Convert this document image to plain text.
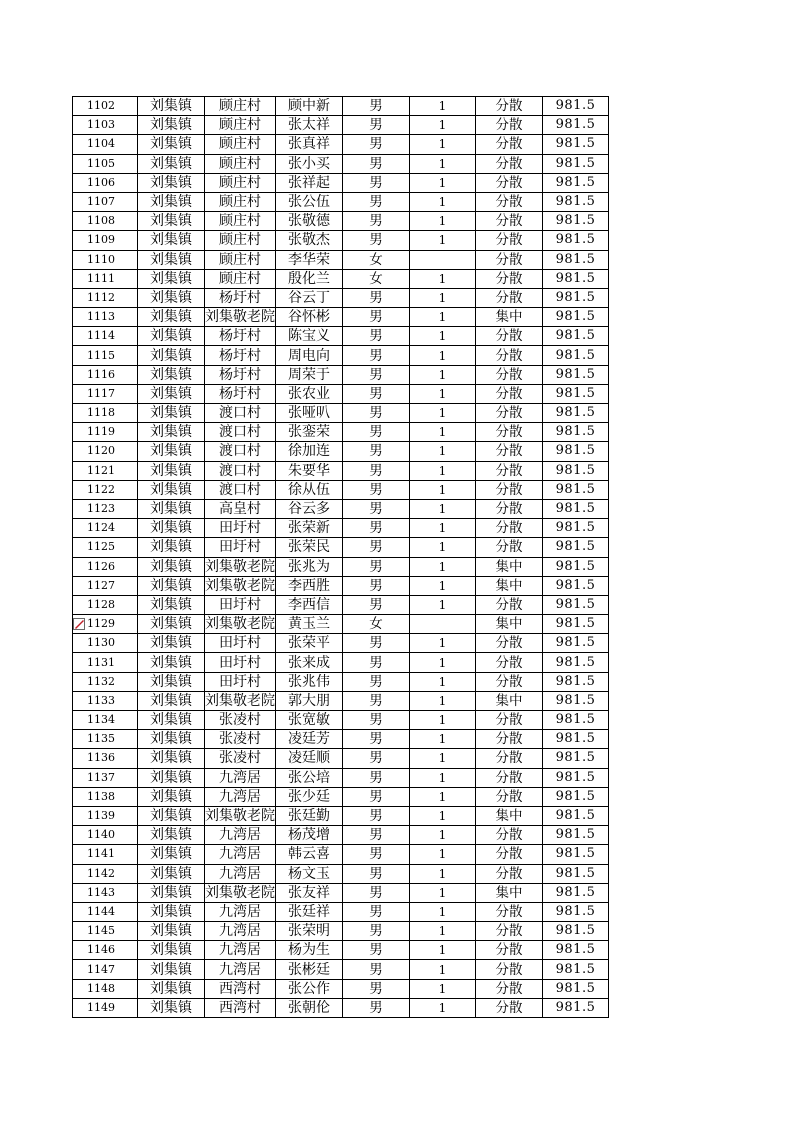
1102	刘集镇	顾庄村	顾中新	男	1	分散	981.5
1103	刘集镇	顾庄村	张太祥	男	1	分散	981.5
1104	刘集镇	顾庄村	张真祥	男	1	分散	981.5
1105	刘集镇	顾庄村	张小买	男	1	分散	981.5
1106	刘集镇	顾庄村	张祥起	男	1	分散	981.5
1107	刘集镇	顾庄村	张公伍	男	1	分散	981.5
1108	刘集镇	顾庄村	张敬德	男	1	分散	981.5
1109	刘集镇	顾庄村	张敬杰	男	1	分散	981.5
1110	刘集镇	顾庄村	李华荣	女		分散	981.5
1111	刘集镇	顾庄村	殷化兰	女	1	分散	981.5
1112	刘集镇	杨圩村	谷云丁	男	1	分散	981.5
1113	刘集镇	刘集敬老院	谷怀彬	男	1	集中	981.5
1114	刘集镇	杨圩村	陈宝义	男	1	分散	981.5
1115	刘集镇	杨圩村	周电向	男	1	分散	981.5
1116	刘集镇	杨圩村	周荣于	男	1	分散	981.5
1117	刘集镇	杨圩村	张农业	男	1	分散	981.5
1118	刘集镇	渡口村	张哑叭	男	1	分散	981.5
1119	刘集镇	渡口村	张銮荣	男	1	分散	981.5
1120	刘集镇	渡口村	徐加连	男	1	分散	981.5
1121	刘集镇	渡口村	朱要华	男	1	分散	981.5
1122	刘集镇	渡口村	徐从伍	男	1	分散	981.5
1123	刘集镇	高皇村	谷云多	男	1	分散	981.5
1124	刘集镇	田圩村	张荣新	男	1	分散	981.5
1125	刘集镇	田圩村	张荣民	男	1	分散	981.5
1126	刘集镇	刘集敬老院	张兆为	男	1	集中	981.5
1127	刘集镇	刘集敬老院	李西胜	男	1	集中	981.5
1128	刘集镇	田圩村	李西信	男	1	分散	981.5

1129	刘集镇	刘集敬老院	黄玉兰	女		集中	981.5
1130	刘集镇	田圩村	张荣平	男	1	分散	981.5
1131	刘集镇	田圩村	张来成	男	1	分散	981.5
1132	刘集镇	田圩村	张兆伟	男	1	分散	981.5
1133	刘集镇	刘集敬老院	郭大朋	男	1	集中	981.5
1134	刘集镇	张凌村	张宽敏	男	1	分散	981.5
1135	刘集镇	张凌村	凌廷芳	男	1	分散	981.5
1136	刘集镇	张凌村	凌廷顺	男	1	分散	981.5
1137	刘集镇	九湾居	张公培	男	1	分散	981.5
1138	刘集镇	九湾居	张少廷	男	1	分散	981.5
1139	刘集镇	刘集敬老院	张廷勤	男	1	集中	981.5
1140	刘集镇	九湾居	杨茂增	男	1	分散	981.5
1141	刘集镇	九湾居	韩云喜	男	1	分散	981.5
1142	刘集镇	九湾居	杨文玉	男	1	分散	981.5
1143	刘集镇	刘集敬老院	张友祥	男	1	集中	981.5
1144	刘集镇	九湾居	张廷祥	男	1	分散	981.5
1145	刘集镇	九湾居	张荣明	男	1	分散	981.5
1146	刘集镇	九湾居	杨为生	男	1	分散	981.5
1147	刘集镇	九湾居	张彬廷	男	1	分散	981.5
1148	刘集镇	西湾村	张公作	男	1	分散	981.5
1149	刘集镇	西湾村	张朝伦	男	1	分散	981.5
